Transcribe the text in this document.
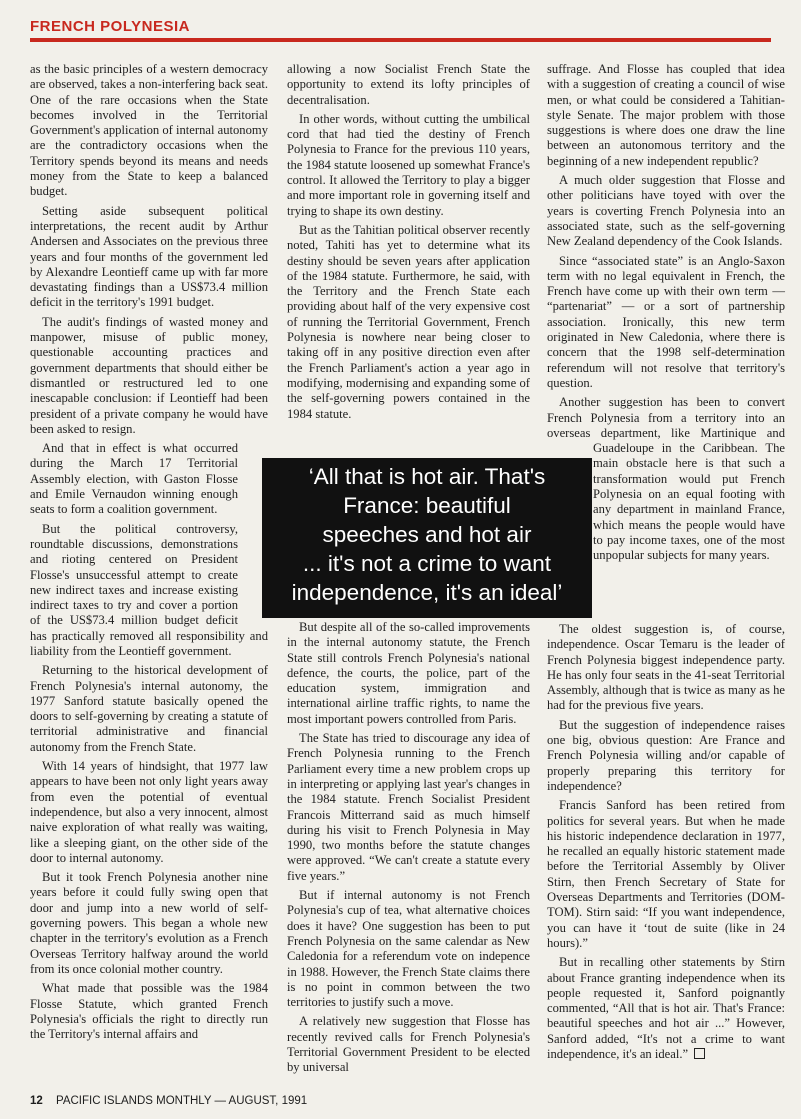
FRENCH POLYNESIA

as the basic principles of a western democracy are observed, takes a non-interfering back seat. One of the rare occasions when the State becomes involved in the Territorial Government's application of internal autonomy are the contradictory occasions when the Territory spends beyond its means and needs money from the State to keep a balanced budget.

Setting aside subsequent political interpretations, the recent audit by Arthur Andersen and Associates on the previous three years and four months of the government led by Alexandre Leontieff came up with far more devastating findings than a US$73.4 million deficit in the territory's 1991 budget.

The audit's findings of wasted money and manpower, misuse of public money, questionable accounting practices and government departments that should either be dismantled or restructured led to one inescapable conclusion: if Leontieff had been president of a private company he would have been asked to resign.

And that in effect is what occurred during the March 17 Territorial Assembly election, with Gaston Flosse and Emile Vernaudon winning enough seats to form a coalition government.

But the political controversy, roundtable discussions, demonstrations and rioting centered on President Flosse's unsuccessful attempt to create new indirect taxes and increase existing indirect taxes to try and cover a portion of the US$73.4 million budget deficit has practically removed all responsibility and liability from the Leontieff government.

Returning to the historical development of French Polynesia's internal autonomy, the 1977 Sanford statute basically opened the doors to self-governing by creating a statute of territorial administrative and financial autonomy from the French State.

With 14 years of hindsight, that 1977 law appears to have been not only light years away from even the potential of eventual independence, but also a very innocent, almost naive exploration of what really was waiting, like a sleeping giant, on the other side of the door to internal autonomy.

But it took French Polynesia another nine years before it could fully swing open that door and jump into a new world of self-governing powers. This began a whole new chapter in the territory's evolution as a French Overseas Territory halfway around the world from its once colonial mother country.

What made that possible was the 1984 Flosse Statute, which granted French Polynesia's officials the right to directly run the Territory's internal affairs and

allowing a now Socialist French State the opportunity to extend its lofty principles of decentralisation.

In other words, without cutting the umbilical cord that had tied the destiny of French Polynesia to France for the previous 110 years, the 1984 statute loosened up somewhat France's control. It allowed the Territory to play a bigger and more important role in governing itself and trying to shape its own destiny.

But as the Tahitian political observer recently noted, Tahiti has yet to determine what its destiny should be seven years after application of the 1984 statute. Furthermore, he said, with the Territory and the French State each providing about half of the very expensive cost of running the Territorial Government, French Polynesia is nowhere near being closer to taking off in any positive direction even after the French Parliament's action a year ago in modifying, modernising and expanding some of the self-governing powers contained in the 1984 statute.

But despite all of the so-called improvements in the internal autonomy statute, the French State still controls French Polynesia's national defence, the courts, the police, part of the education system, immigration and international airline traffic rights, to name the most important powers controlled from Paris.

The State has tried to discourage any idea of French Polynesia running to the French Parliament every time a new problem crops up in interpreting or applying last year's changes in the 1984 statute. French Socialist President Francois Mitterrand said as much himself during his visit to French Polynesia in May 1990, two months before the statute changes were approved. “We can't create a statute every five years.”

But if internal autonomy is not French Polynesia's cup of tea, what alternative choices does it have? One suggestion has been to put French Polynesia on the same calendar as New Caledonia for a referendum vote on indepence in 1988. However, the French State claims there is no point in common between the two territories to justify such a move.

A relatively new suggestion that Flosse has recently revived calls for French Polynesia's Territorial Government President to be elected by universal

suffrage. And Flosse has coupled that idea with a suggestion of creating a council of wise men, or what could be considered a Tahitian-style Senate. The major problem with those suggestions is where does one draw the line between an autonomous territory and the beginning of a new independent republic?

A much older suggestion that Flosse and other politicians have toyed with over the years is coverting French Polynesia into an associated state, such as the self-governing New Zealand dependency of the Cook Islands.

Since “associated state” is an Anglo-Saxon term with no legal equivalent in French, the French have come up with their own term — “partenariat” — or a sort of partnership association. Ironically, this new term originated in New Caledonia, where there is concern that the 1998 self-determination referendum will not resolve that territory's question.

Another suggestion has been to convert French Polynesia from a territory into an overseas department, like Martinique and Guadeloupe in the Caribbean. The main obstacle here is that such a transformation would put French Polynesia on an equal footing with any department in mainland France, which means the people would have to pay income taxes, one of the most unpopular subjects for many years.

The oldest suggestion is, of course, independence. Oscar Temaru is the leader of French Polynesia biggest independence party. He has only four seats in the 41-seat Territorial Assembly, although that is twice as many as he had for the previous five years.

But the suggestion of independence raises one big, obvious question: Are France and French Polynesia willing and/or capable of properly preparing this territory for independence?

Francis Sanford has been retired from politics for several years. But when he made his historic independence declaration in 1977, he recalled an equally historic statement made before the Territorial Assembly by Oliver Stirn, then French Secretary of State for Overseas Departments and Territories (DOM-TOM). Stirn said: “If you want independence, you can have it ‘tout de suite (like in 24 hours).”

But in recalling other statements by Stirn about France granting independence when its people requested it, Sanford poignantly commented, “All that is hot air. That's France: beautiful speeches and hot air ...” However, Sanford added, “It's not a crime to want independence, it's an ideal.”

‘All that is hot air. That's
France: beautiful
speeches and hot air
... it's not a crime to want
independence, it's an ideal’
12 PACIFIC ISLANDS MONTHLY — AUGUST, 1991
